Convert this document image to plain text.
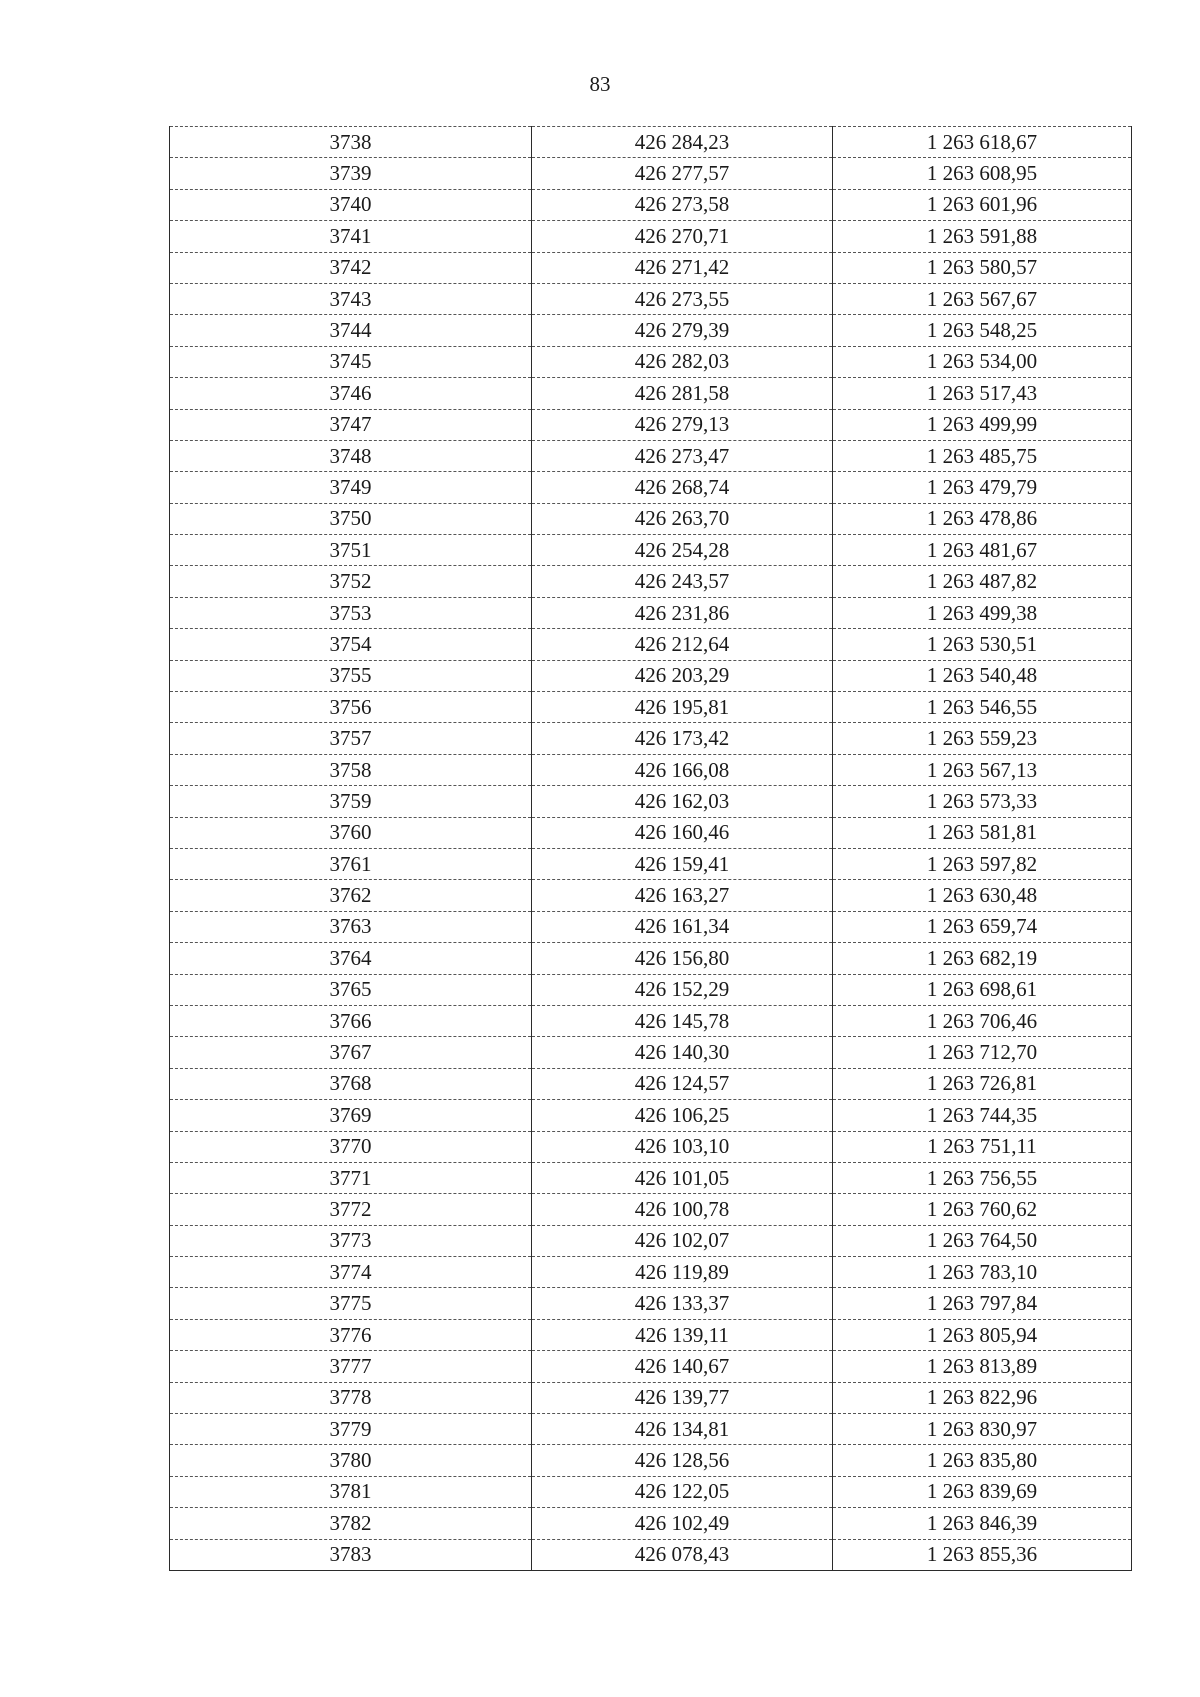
83
3738	426 284,23	1 263 618,67
3739	426 277,57	1 263 608,95
3740	426 273,58	1 263 601,96
3741	426 270,71	1 263 591,88
3742	426 271,42	1 263 580,57
3743	426 273,55	1 263 567,67
3744	426 279,39	1 263 548,25
3745	426 282,03	1 263 534,00
3746	426 281,58	1 263 517,43
3747	426 279,13	1 263 499,99
3748	426 273,47	1 263 485,75
3749	426 268,74	1 263 479,79
3750	426 263,70	1 263 478,86
3751	426 254,28	1 263 481,67
3752	426 243,57	1 263 487,82
3753	426 231,86	1 263 499,38
3754	426 212,64	1 263 530,51
3755	426 203,29	1 263 540,48
3756	426 195,81	1 263 546,55
3757	426 173,42	1 263 559,23
3758	426 166,08	1 263 567,13
3759	426 162,03	1 263 573,33
3760	426 160,46	1 263 581,81
3761	426 159,41	1 263 597,82
3762	426 163,27	1 263 630,48
3763	426 161,34	1 263 659,74
3764	426 156,80	1 263 682,19
3765	426 152,29	1 263 698,61
3766	426 145,78	1 263 706,46
3767	426 140,30	1 263 712,70
3768	426 124,57	1 263 726,81
3769	426 106,25	1 263 744,35
3770	426 103,10	1 263 751,11
3771	426 101,05	1 263 756,55
3772	426 100,78	1 263 760,62
3773	426 102,07	1 263 764,50
3774	426 119,89	1 263 783,10
3775	426 133,37	1 263 797,84
3776	426 139,11	1 263 805,94
3777	426 140,67	1 263 813,89
3778	426 139,77	1 263 822,96
3779	426 134,81	1 263 830,97
3780	426 128,56	1 263 835,80
3781	426 122,05	1 263 839,69
3782	426 102,49	1 263 846,39
3783	426 078,43	1 263 855,36
